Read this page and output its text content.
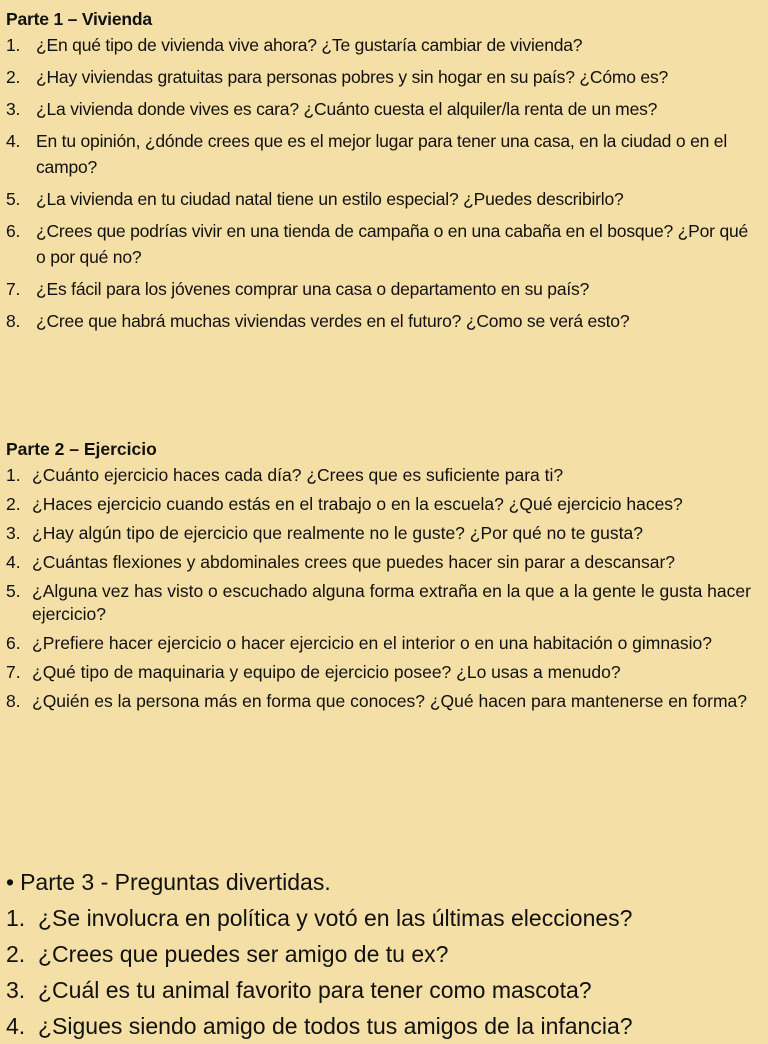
Parte 1 – Vivienda
1. ¿En qué tipo de vivienda vive ahora? ¿Te gustaría cambiar de vivienda?
2. ¿Hay viviendas gratuitas para personas pobres y sin hogar en su país? ¿Cómo es?
3. ¿La vivienda donde vives es cara? ¿Cuánto cuesta el alquiler/la renta de un mes?
4. En tu opinión, ¿dónde crees que es el mejor lugar para tener una casa, en la ciudad o en el campo?
5. ¿La vivienda en tu ciudad natal tiene un estilo especial? ¿Puedes describirlo?
6. ¿Crees que podrías vivir en una tienda de campaña o en una cabaña en el bosque? ¿Por qué o por qué no?
7. ¿Es fácil para los jóvenes comprar una casa o departamento en su país?
8. ¿Cree que habrá muchas viviendas verdes en el futuro? ¿Como se verá esto?
Parte 2 – Ejercicio
1. ¿Cuánto ejercicio haces cada día? ¿Crees que es suficiente para ti?
2. ¿Haces ejercicio cuando estás en el trabajo o en la escuela? ¿Qué ejercicio haces?
3. ¿Hay algún tipo de ejercicio que realmente no le guste? ¿Por qué no te gusta?
4. ¿Cuántas flexiones y abdominales crees que puedes hacer sin parar a descansar?
5. ¿Alguna vez has visto o escuchado alguna forma extraña en la que a la gente le gusta hacer ejercicio?
6. ¿Prefiere hacer ejercicio o hacer ejercicio en el interior o en una habitación o gimnasio?
7. ¿Qué tipo de maquinaria y equipo de ejercicio posee? ¿Lo usas a menudo?
8. ¿Quién es la persona más en forma que conoces? ¿Qué hacen para mantenerse en forma?
• Parte 3 - Preguntas divertidas.
1. ¿Se involucra en política y votó en las últimas elecciones?
2. ¿Crees que puedes ser amigo de tu ex?
3. ¿Cuál es tu animal favorito para tener como mascota?
4. ¿Sigues siendo amigo de todos tus amigos de la infancia?
